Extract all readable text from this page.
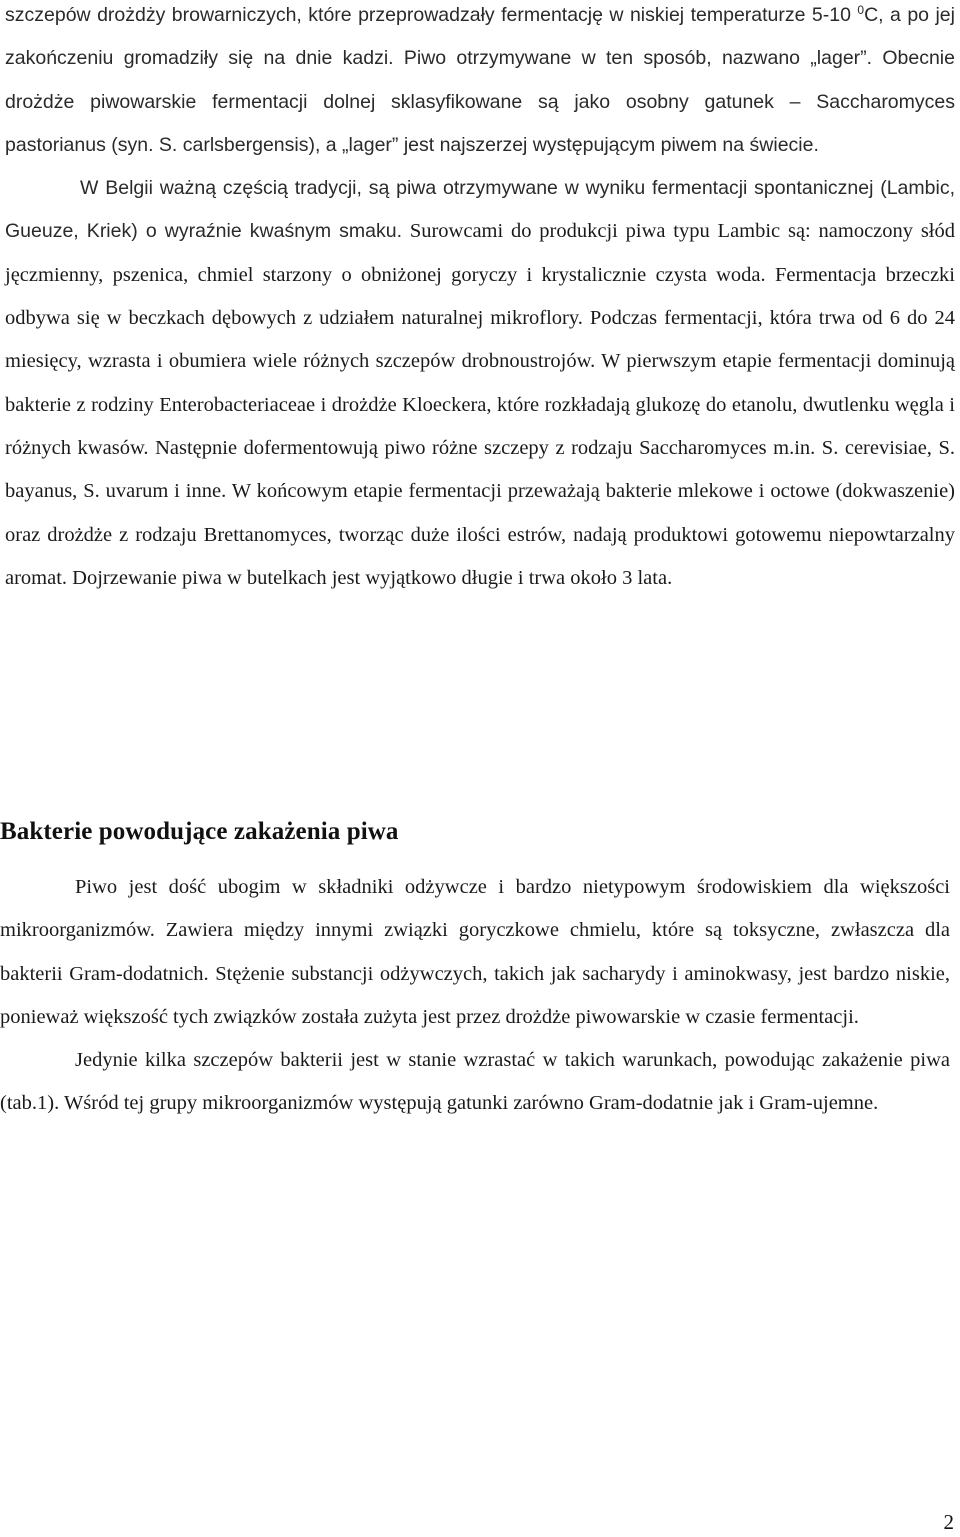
szczepów drożdży browarniczych, które przeprowadzały fermentację w niskiej temperaturze 5-10 $^0$C, a po jej zakończeniu gromadziły się na dnie kadzi. Piwo otrzymywane w ten sposób, nazwano „lager”. Obecnie drożdże piwowarskie fermentacji dolnej sklasyfikowane są jako osobny gatunek – Saccharomyces pastorianus (syn. S. carlsbergensis), a „lager” jest najszerzej występującym piwem na świecie.

W Belgii ważną częścią tradycji, są piwa otrzymywane w wyniku fermentacji spontanicznej (Lambic, Gueuze, Kriek) o wyraźnie kwaśnym smaku. Surowcami do produkcji piwa typu Lambic są: namoczony słód jęczmienny, pszenica, chmiel starzony o obniżonej goryczy i krystalicznie czysta woda. Fermentacja brzeczki odbywa się w beczkach dębowych z udziałem naturalnej mikroflory. Podczas fermentacji, która trwa od 6 do 24 miesięcy, wzrasta i obumiera wiele różnych szczepów drobnoustrojów. W pierwszym etapie fermentacji dominują bakterie z rodziny Enterobacteriaceae i drożdże Kloeckera, które rozkładają glukozę do etanolu, dwutlenku węgla i różnych kwasów. Następnie dofermentowują piwo różne szczepy z rodzaju Saccharomyces m.in. S. cerevisiae, S. bayanus, S. uvarum i inne. W końcowym etapie fermentacji przeważają bakterie mlekowe i octowe (dokwaszenie) oraz drożdże z rodzaju Brettanomyces, tworząc duże ilości estrów, nadają produktowi gotowemu niepowtarzalny aromat. Dojrzewanie piwa w butelkach jest wyjątkowo długie i trwa około 3 lata.

Bakterie powodujące zakażenia piwa

Piwo jest dość ubogim w składniki odżywcze i bardzo nietypowym środowiskiem dla większości mikroorganizmów. Zawiera między innymi związki goryczkowe chmielu, które są toksyczne, zwłaszcza dla bakterii Gram-dodatnich. Stężenie substancji odżywczych, takich jak sacharydy i aminokwasy, jest bardzo niskie, ponieważ większość tych związków została zużyta jest przez drożdże piwowarskie w czasie fermentacji.

Jedynie kilka szczepów bakterii jest w stanie wzrastać w takich warunkach, powodując zakażenie piwa (tab.1). Wśród tej grupy mikroorganizmów występują gatunki zarówno Gram-dodatnie jak i Gram-ujemne.

2
